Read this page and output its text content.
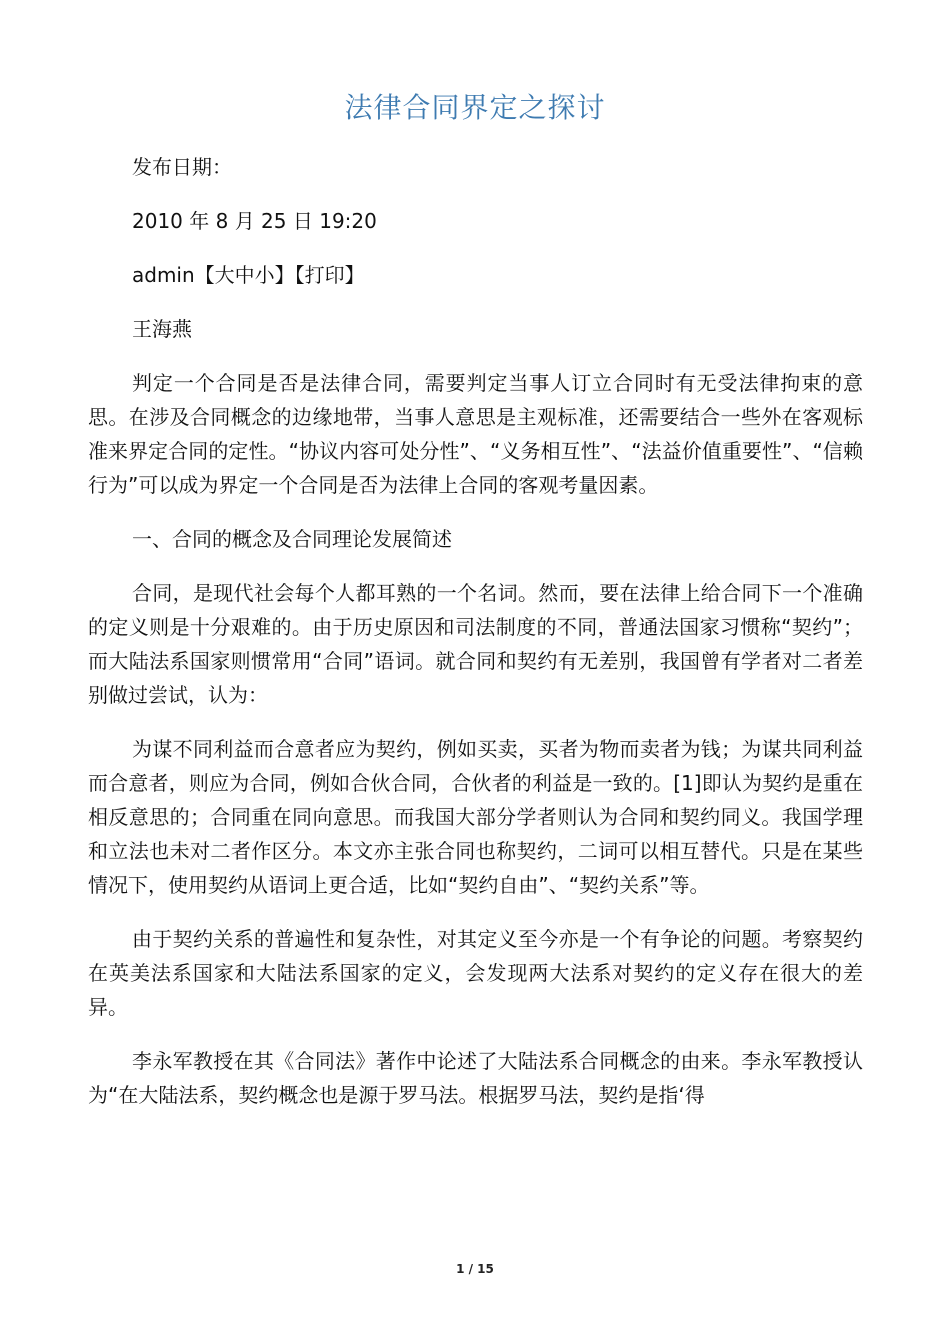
法律合同界定之探讨
发布日期：
2010 年 8 月 25 日 19:20
admin【大中小】【打印】
王海燕

判定一个合同是否是法律合同，需要判定当事人订立合同时有无受法律拘束的意思。在涉及合同概念的边缘地带，当事人意思是主观标准，还需要结合一些外在客观标准来界定合同的定性。“协议内容可处分性”、“义务相互性”、“法益价值重要性”、“信赖行为”可以成为界定一个合同是否为法律上合同的客观考量因素。

一、合同的概念及合同理论发展简述

合同，是现代社会每个人都耳熟的一个名词。然而，要在法律上给合同下一个准确的定义则是十分艰难的。由于历史原因和司法制度的不同，普通法国家习惯称“契约”；而大陆法系国家则惯常用“合同”语词。就合同和契约有无差别，我国曾有学者对二者差别做过尝试，认为：

为谋不同利益而合意者应为契约，例如买卖，买者为物而卖者为钱；为谋共同利益而合意者，则应为合同，例如合伙合同，合伙者的利益是一致的。[1]即认为契约是重在相反意思的；合同重在同向意思。而我国大部分学者则认为合同和契约同义。我国学理和立法也未对二者作区分。本文亦主张合同也称契约，二词可以相互替代。只是在某些情况下，使用契约从语词上更合适，比如“契约自由”、“契约关系”等。

由于契约关系的普遍性和复杂性，对其定义至今亦是一个有争论的问题。考察契约在英美法系国家和大陆法系国家的定义，会发现两大法系对契约的定义存在很大的差异。

李永军教授在其《合同法》著作中论述了大陆法系合同概念的由来。李永军教授认为“在大陆法系，契约概念也是源于罗马法。根据罗马法，契约是指‘得

1 / 15
